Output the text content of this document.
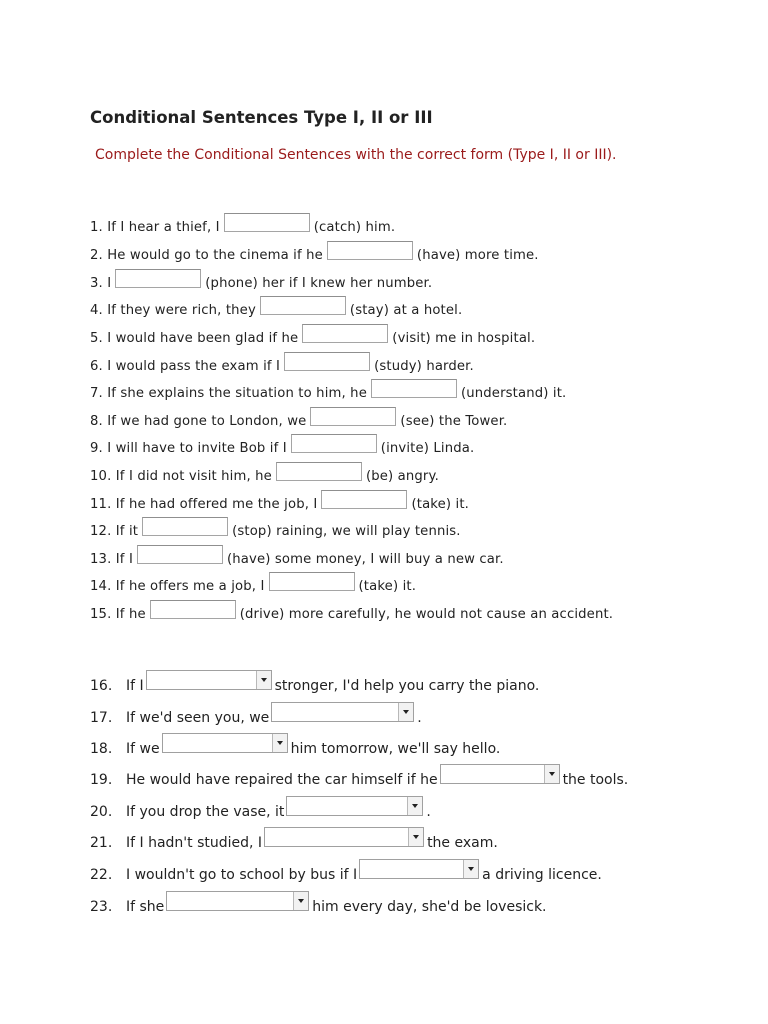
Conditional Sentences Type I, II or III
Complete the Conditional Sentences with the correct form (Type I, II or III).
1. If I hear a thief, I	(catch) him.
2. He would go to the cinema if he	(have) more time.
3. I	(phone) her if I knew her number.
4. If they were rich, they	(stay) at a hotel.
5. I would have been glad if he	(visit) me in hospital.
6. I would pass the exam if I	(study) harder.
7. If she explains the situation to him, he	(understand) it.
8. If we had gone to London, we	(see) the Tower.
9. I will have to invite Bob if I	(invite) Linda.
10. If I did not visit him, he	(be) angry.
11. If he had offered me the job, I	(take) it.
12. If it	(stop) raining, we will play tennis.
13. If I	(have) some money, I will buy a new car.
14. If he offers me a job, I	(take) it.
15. If he	(drive) more carefully, he would not cause an accident.
16. If I	stronger, I'd help you carry the piano.
17. If we'd seen you, we	.
18. If we	him tomorrow, we'll say hello.
19. He would have repaired the car himself if he	the tools.
20. If you drop the vase, it	.
21. If I hadn't studied, I	the exam.
22. I wouldn't go to school by bus if I	a driving licence.
23. If she	him every day, she'd be lovesick.
